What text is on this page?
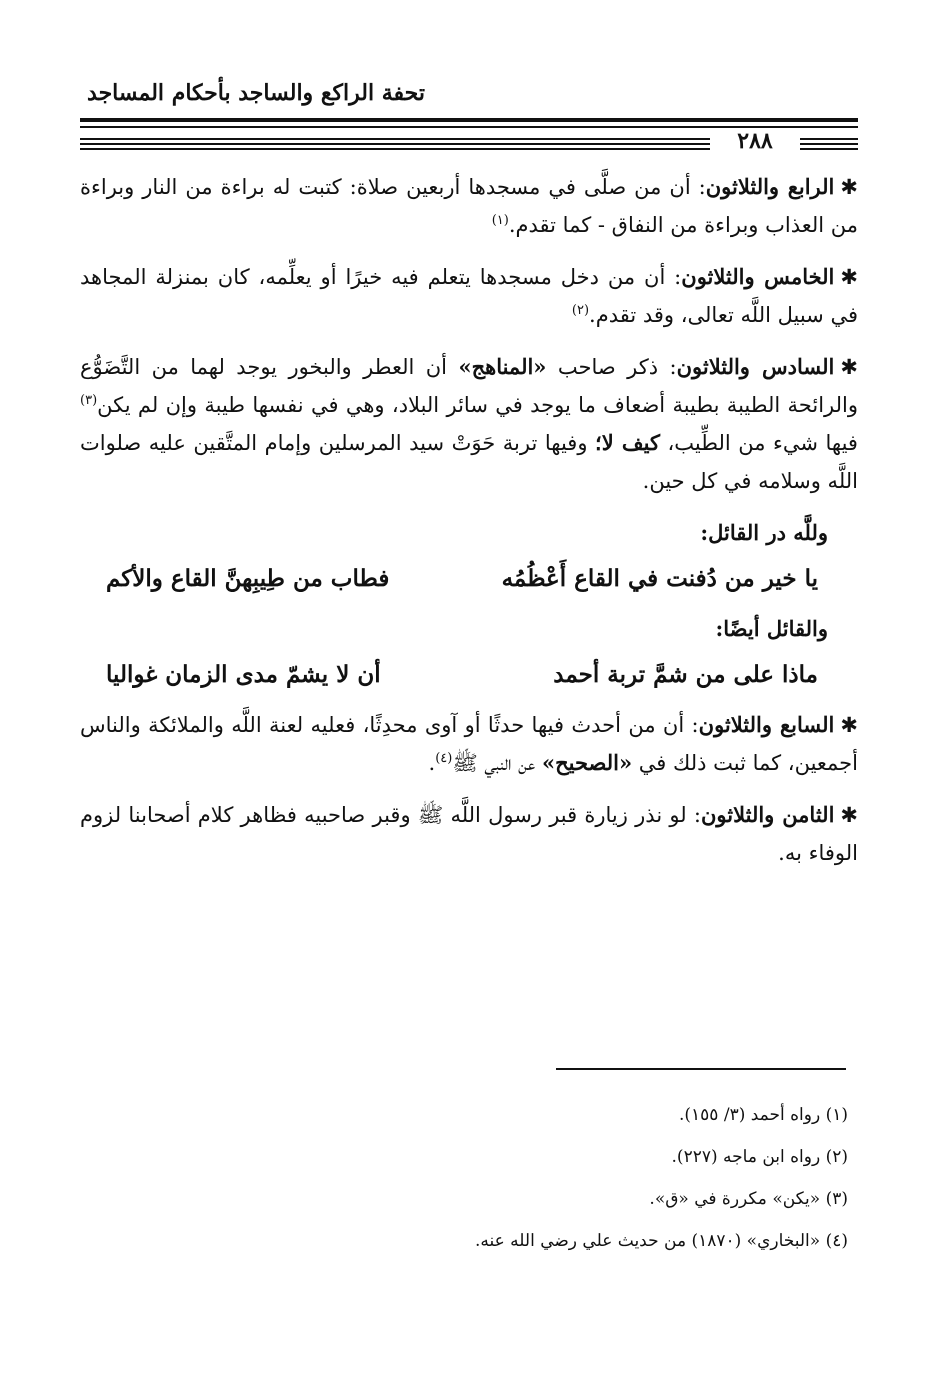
تحفة الراكع والساجد بأحكام المساجد
٢٨٨

✱الرابع والثلاثون: أن من صلَّى في مسجدها أربعين صلاة: كتبت له براءة من النار وبراءة من العذاب وبراءة من النفاق - كما تقدم.$^{(١)}$

✱الخامس والثلاثون: أن من دخل مسجدها يتعلم فيه خيرًا أو يعلِّمه، كان بمنزلة المجاهد في سبيل اللَّه تعالى، وقد تقدم.$^{(٢)}$

✱السادس والثلاثون: ذكر صاحب «المناهج» أن العطر والبخور يوجد لهما من التَّضَوُّع والرائحة الطيبة بطيبة أضعاف ما يوجد في سائر البلاد، وهي في نفسها طيبة وإن لم يكن$^{(٣)}$ فيها شيء من الطِّيب، كيف لا؛ وفيها تربة حَوَتْ سيد المرسلين وإمام المتَّقين عليه صلوات اللَّه وسلامه في كل حين.

وللَّه در القائل:
يا خير من دُفنت في القاع أَعْظُمُه
فطاب من طِيبِهنَّ القاع والأكم
والقائل أيضًا:
ماذا على من شمَّ تربة أحمد
أن لا يشمّ مدى الزمان غواليا

✱السابع والثلاثون: أن من أحدث فيها حدثًا أو آوى محدِثًا، فعليه لعنة اللَّه والملائكة والناس أجمعين، كما ثبت ذلك في «الصحيح» عن النبي ﷺ$^{(٤)}$.

✱الثامن والثلاثون: لو نذر زيارة قبر رسول اللَّه ﷺ وقبر صاحبيه فظاهر كلام أصحابنا لزوم الوفاء به.

(١) رواه أحمد (٣/ ١٥٥).
(٢) رواه ابن ماجه (٢٢٧).
(٣) «يكن» مكررة في «ق».
(٤) «البخاري» (١٨٧٠) من حديث علي رضي الله عنه.
